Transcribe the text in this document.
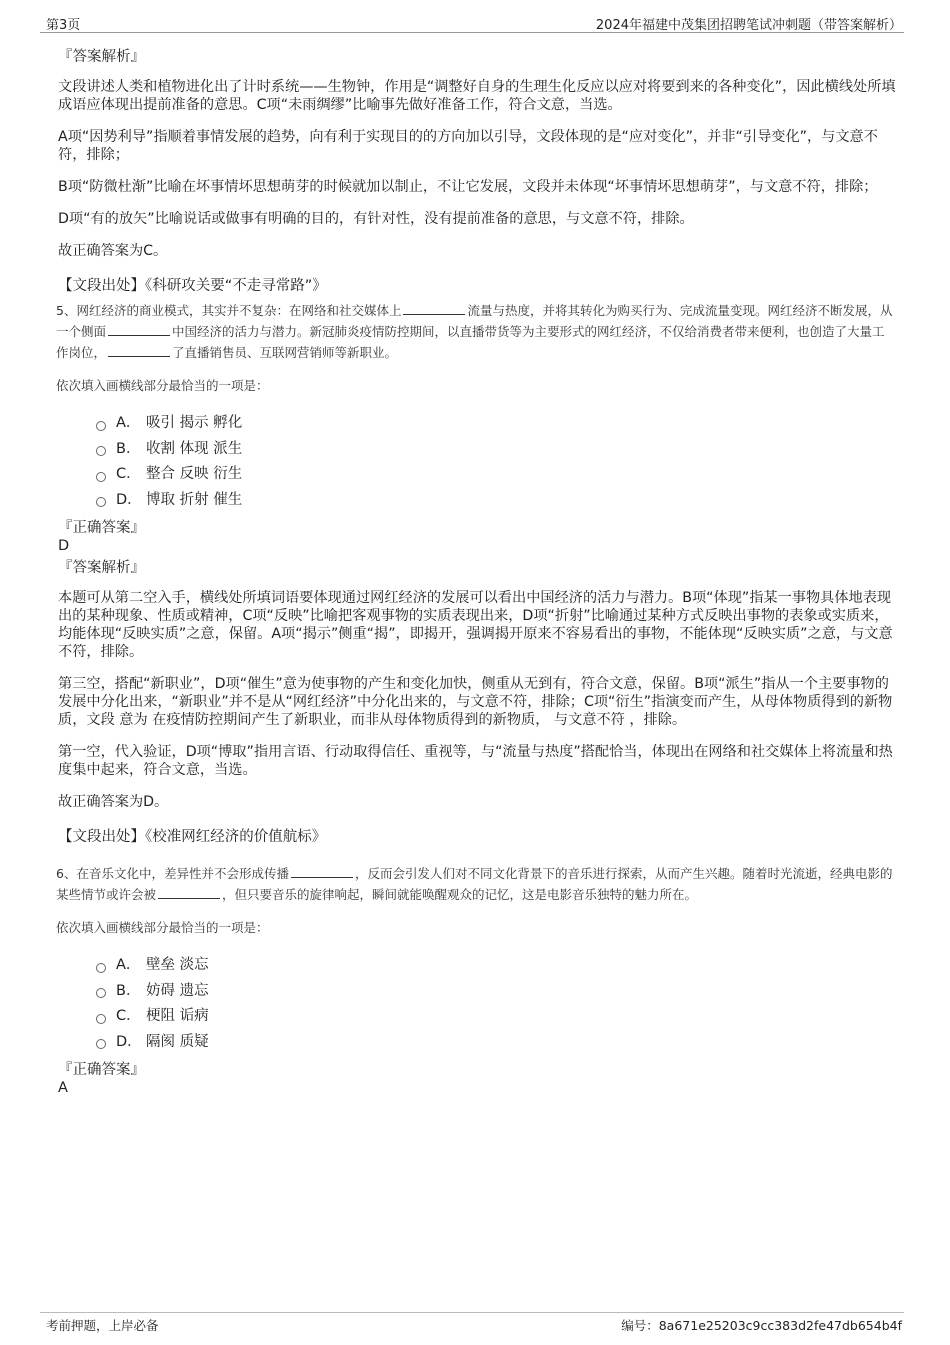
第3页	2024年福建中茂集团招聘笔试冲刺题（带答案解析）
『答案解析』

文段讲述人类和植物进化出了计时系统——生物钟，作用是“调整好自身的生理生化反应以应对将要到来的各种变化”，因此横线处所填成语应体现出提前准备的意思。C项“未雨绸缪”比喻事先做好准备工作，符合文意，当选。

A项“因势利导”指顺着事情发展的趋势，向有利于实现目的的方向加以引导，文段体现的是“应对变化”，并非“引导变化”，与文意不符，排除；

B项“防微杜渐”比喻在坏事情坏思想萌芽的时候就加以制止，不让它发展，文段并未体现“坏事情坏思想萌芽”，与文意不符，排除；

D项“有的放矢”比喻说话或做事有明确的目的，有针对性，没有提前准备的意思，与文意不符，排除。

故正确答案为C。

【文段出处】《科研攻关要“不走寻常路”》
5、网红经济的商业模式，其实并不复杂：在网络和社交媒体上	流量与热度，并将其转化为购买行为、完成流量变现。网红经济不断发展，从一个侧面	中国经济的活力与潜力。新冠肺炎疫情防控期间，以直播带货等为主要形式的网红经济，不仅给消费者带来便利，也创造了大量工作岗位，	了直播销售员、互联网营销师等新职业。
依次填入画横线部分最恰当的一项是：
A． 吸引 揭示 孵化
B． 收割 体现 派生
C． 整合 反映 衍生
D． 博取 折射 催生
『正确答案』
D
『答案解析』

本题可从第二空入手，横线处所填词语要体现通过网红经济的发展可以看出中国经济的活力与潜力。B项“体现”指某一事物具体地表现出的某种现象、性质或精神，C项“反映”比喻把客观事物的实质表现出来，D项“折射”比喻通过某种方式反映出事物的表象或实质来，均能体现“反映实质”之意，保留。A项“揭示”侧重“揭”，即揭开，强调揭开原来不容易看出的事物，不能体现“反映实质”之意，与文意不符，排除。

第三空，搭配“新职业”，D项“催生”意为使事物的产生和变化加快，侧重从无到有，符合文意，保留。B项“派生”指从一个主要事物的发展中分化出来，“新职业”并不是从“网红经济”中分化出来的，与文意不符，排除；C项“衍生”指演变而产生，从母体物质得到的新物质，文段 意为 在疫情防控期间产生了新职业，而非从母体物质得到的新物质， 与文意不符 ，排除。

第一空，代入验证，D项“博取”指用言语、行动取得信任、重视等，与“流量与热度”搭配恰当，体现出在网络和社交媒体上将流量和热度集中起来，符合文意，当选。

故正确答案为D。

【文段出处】《校准网红经济的价值航标》
6、在音乐文化中，差异性并不会形成传播	，反而会引发人们对不同文化背景下的音乐进行探索，从而产生兴趣。随着时光流逝，经典电影的某些情节或许会被	，但只要音乐的旋律响起，瞬间就能唤醒观众的记忆，这是电影音乐独特的魅力所在。
依次填入画横线部分最恰当的一项是：
A． 壁垒 淡忘
B． 妨碍 遗忘
C． 梗阻 诟病
D． 隔阂 质疑
『正确答案』
A
考前押题，上岸必备	编号：8a671e25203c9cc383d2fe47db654b4f
